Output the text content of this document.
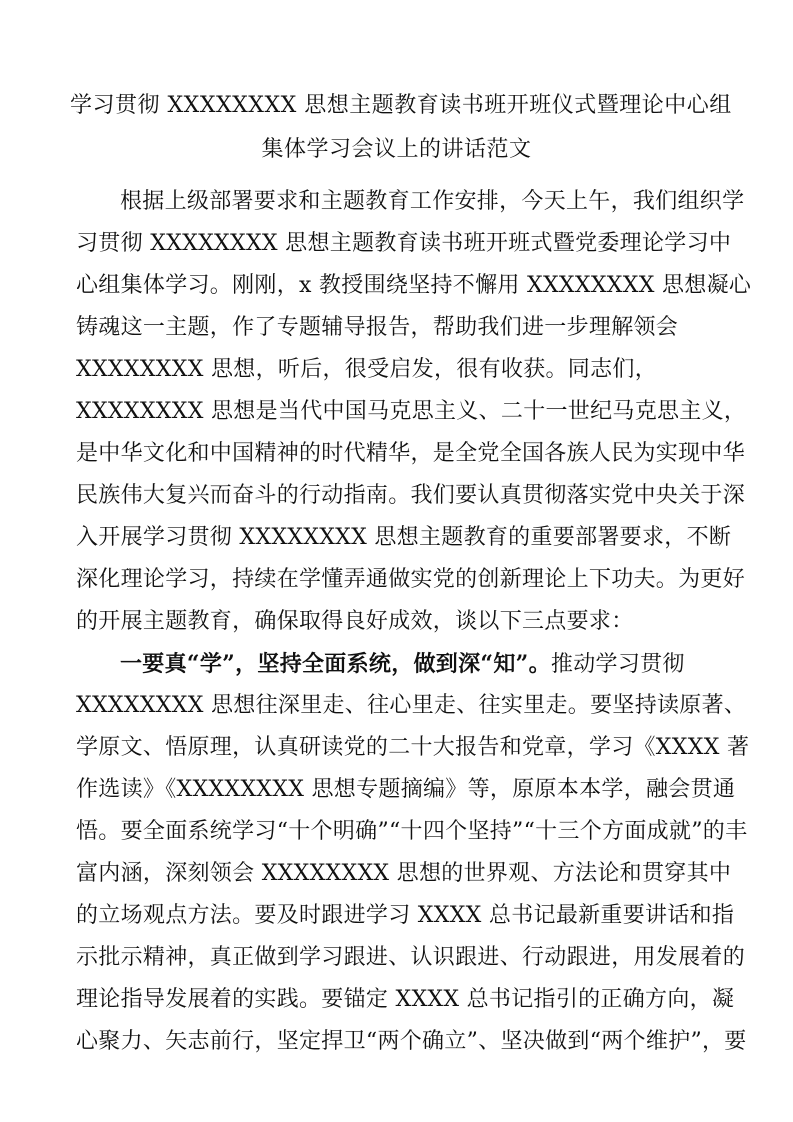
学习贯彻 XXXXXXXX 思想主题教育读书班开班仪式暨理论中心组
集体学习会议上的讲话范文
根据上级部署要求和主题教育工作安排，今天上午，我们组织学
习贯彻 XXXXXXXX 思想主题教育读书班开班式暨党委理论学习中
心组集体学习。刚刚，x 教授围绕坚持不懈用 XXXXXXXX 思想凝心
铸魂这一主题，作了专题辅导报告，帮助我们进一步理解领会
XXXXXXXX 思想，听后，很受启发，很有收获。同志们，
XXXXXXXX 思想是当代中国马克思主义、二十一世纪马克思主义，
是中华文化和中国精神的时代精华，是全党全国各族人民为实现中华
民族伟大复兴而奋斗的行动指南。我们要认真贯彻落实党中央关于深
入开展学习贯彻 XXXXXXXX 思想主题教育的重要部署要求，不断
深化理论学习，持续在学懂弄通做实党的创新理论上下功夫。为更好
的开展主题教育，确保取得良好成效，谈以下三点要求：
一要真“学”，坚持全面系统，做到深“知”。推动学习贯彻
XXXXXXXX 思想往深里走、往心里走、往实里走。要坚持读原著、
学原文、悟原理，认真研读党的二十大报告和党章，学习《XXXX 著
作选读》《XXXXXXXX 思想专题摘编》等，原原本本学，融会贯通
悟。要全面系统学习“十个明确”“十四个坚持”“十三个方面成就”的丰
富内涵，深刻领会 XXXXXXXX 思想的世界观、方法论和贯穿其中
的立场观点方法。要及时跟进学习 XXXX 总书记最新重要讲话和指
示批示精神，真正做到学习跟进、认识跟进、行动跟进，用发展着的
理论指导发展着的实践。要锚定 XXXX 总书记指引的正确方向，凝
心聚力、矢志前行，坚定捍卫“两个确立”、坚决做到“两个维护”，要
